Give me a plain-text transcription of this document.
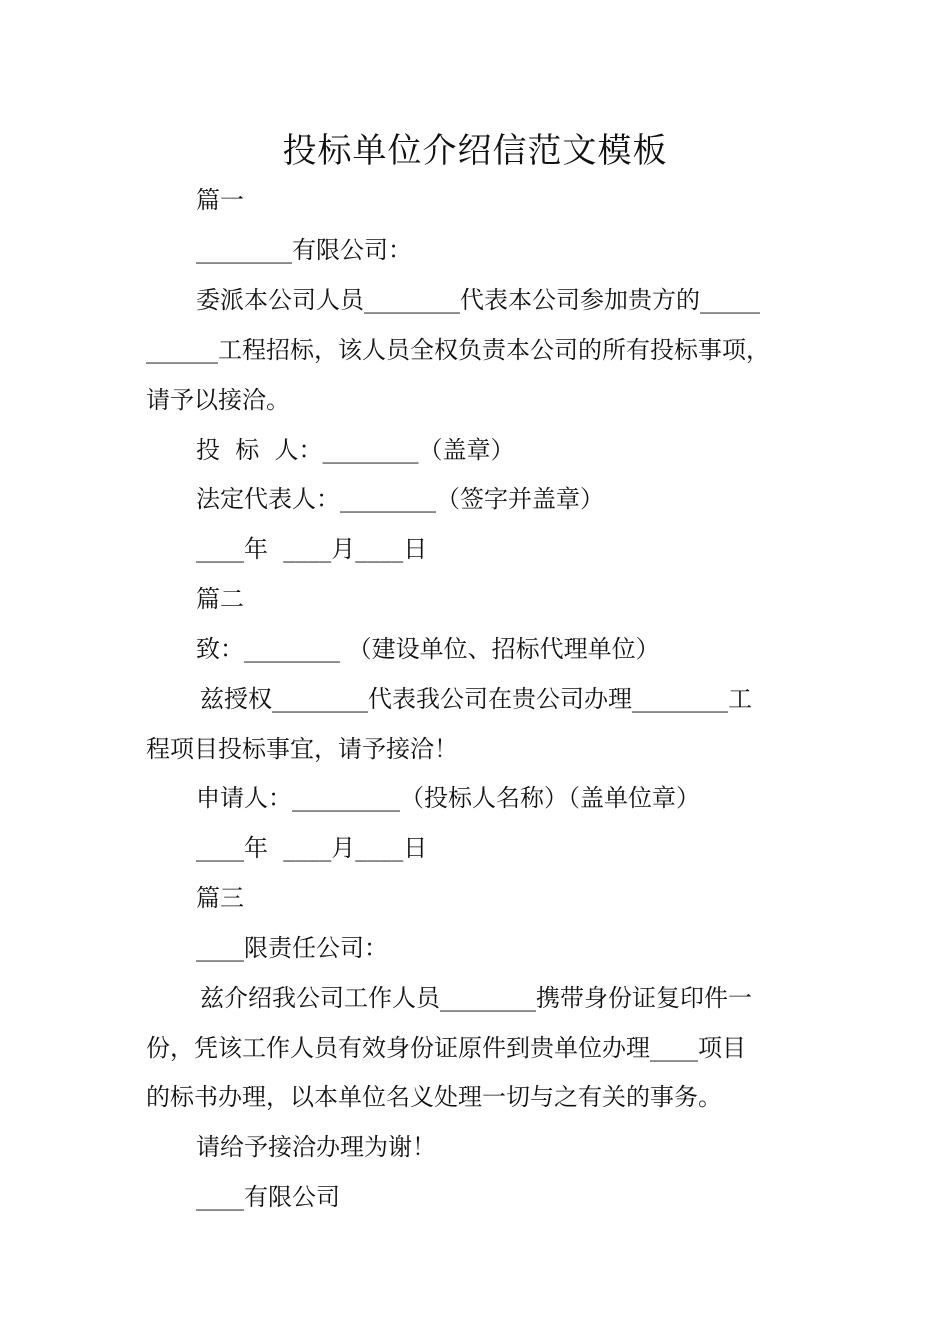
投标单位介绍信范文模板
篇一
________有限公司：
委派本公司人员________代表本公司参加贵方的_____
______工程招标，该人员全权负责本公司的所有投标事项，
请予以接洽。
投  标  人：________（盖章）
法定代表人：________（签字并盖章）
____年  ____月____日
篇二
致：________ （建设单位、招标代理单位）
兹授权________代表我公司在贵公司办理________工
程项目投标事宜，请予接洽！
申请人：_________（投标人名称）（盖单位章）
____年  ____月____日
篇三
____限责任公司：
兹介绍我公司工作人员________携带身份证复印件一
份，凭该工作人员有效身份证原件到贵单位办理____项目
的标书办理，以本单位名义处理一切与之有关的事务。
请给予接洽办理为谢！
____有限公司
